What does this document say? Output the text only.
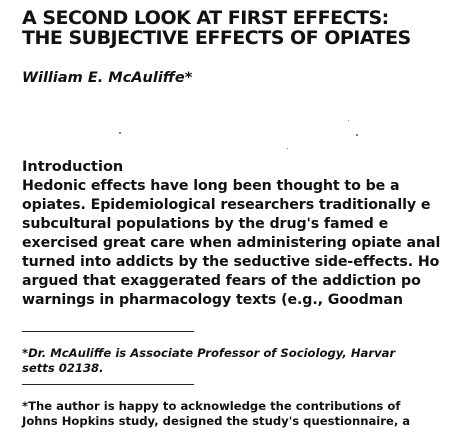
A SECOND LOOK AT FIRST EFFECTS:
THE SUBJECTIVE EFFECTS OF OPIATES
William E. McAuliffe*
Introduction
Hedonic effects have long been thought to be a
opiates. Epidemiological researchers traditionally e
subcultural populations by the drug's famed e
exercised great care when administering opiate anal
turned into addicts by the seductive side-effects. Ho
argued that exaggerated fears of the addiction po
warnings in pharmacology texts (e.g., Goodman
*Dr. McAuliffe is Associate Professor of Sociology, Harvar
setts 02138.
*The author is happy to acknowledge the contributions of
Johns Hopkins study, designed the study's questionnaire, a
